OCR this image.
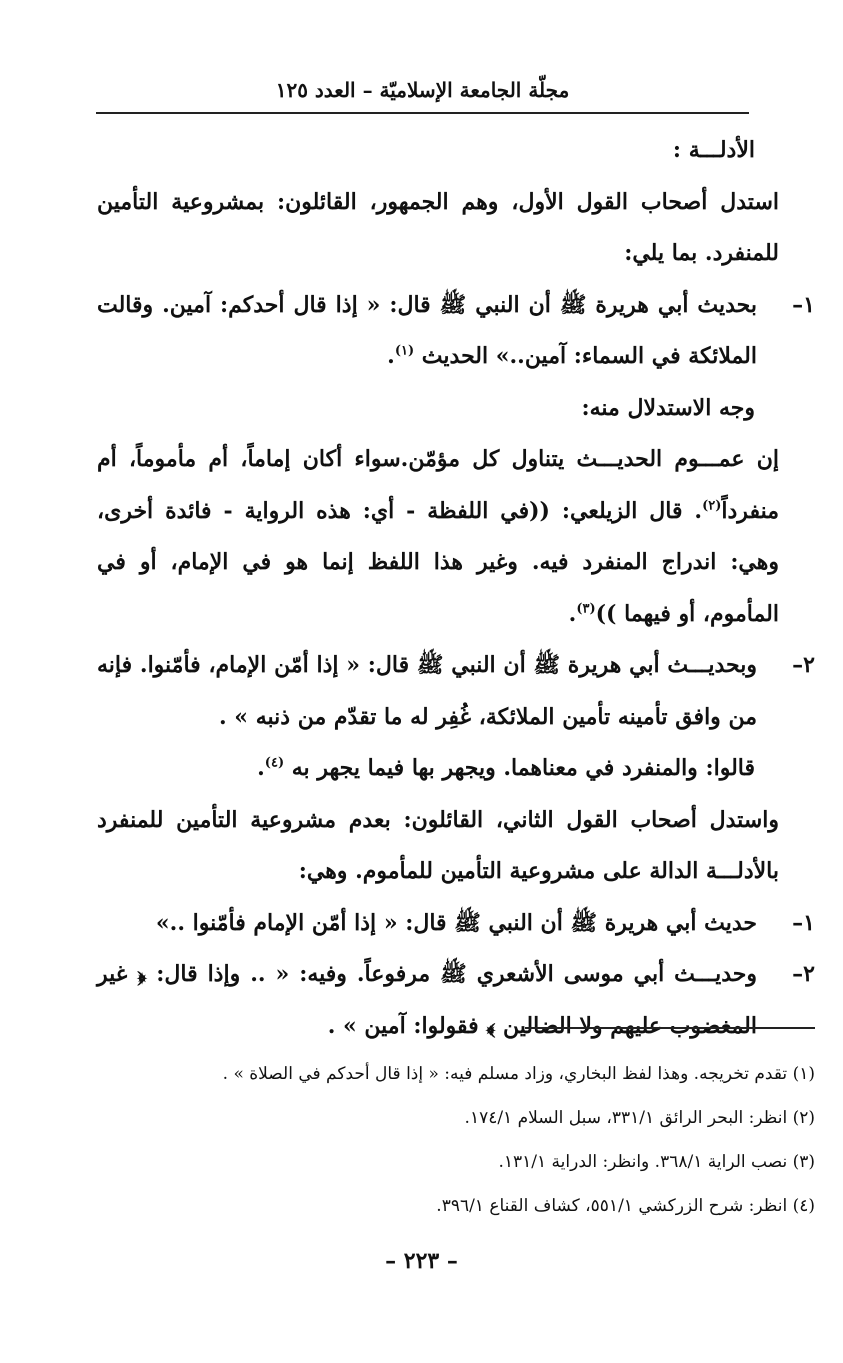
مجلّة الجامعة الإسلاميّة – العدد ١٢٥

الأدلـــة :

استدل أصحاب القول الأول، وهم الجمهور، القائلون: بمشروعية التأمين للمنفرد. بما يلي:

١–
بحديث أبي هريرة ﷺ أن النبي ﷺ قال: « إذا قال أحدكم: آمين. وقالت الملائكة في السماء: آمين..» الحديث $^{(١)}$.

وجه الاستدلال منه:

إن عمـــوم الحديـــث يتناول كل مؤمّن.سواء أكان إماماً، أم مأموماً، أم منفرداً$^{(٢)}$. قال الزيلعي: ((في اللفظة - أي: هذه الرواية - فائدة أخرى، وهي: اندراج المنفرد فيه. وغير هذا اللفظ إنما هو في الإمام، أو في المأموم، أو فيهما ))$^{(٣)}$.

٢–
وبحديـــث أبي هريرة ﷺ أن النبي ﷺ قال: « إذا أمّن الإمام، فأمّنوا. فإنه من وافق تأمينه تأمين الملائكة، غُفِر له ما تقدّم من ذنبه » .

قالوا: والمنفرد في معناهما. ويجهر بها فيما يجهر به $^{(٤)}$.

واستدل أصحاب القول الثاني، القائلون: بعدم مشروعية التأمين للمنفرد بالأدلـــة الدالة على مشروعية التأمين للمأموم. وهي:

١–
حديث أبي هريرة ﷺ أن النبي ﷺ قال: « إذا أمّن الإمام فأمّنوا ..»
٢–
وحديـــث أبي موسى الأشعري ﷺ مرفوعاً. وفيه: « .. وإذا قال: ﴿ غير المغضوب عليهم ولا الضالين ﴾ فقولوا: آمين » .

(١) تقدم تخريجه. وهذا لفظ البخاري، وزاد مسلم فيه: « إذا قال أحدكم في الصلاة » .

(٢) انظر: البحر الرائق ٣٣١/١، سبل السلام ١٧٤/١.

(٣) نصب الراية ٣٦٨/١. وانظر: الدراية ١٣١/١.

(٤) انظر: شرح الزركشي ٥٥١/١، كشاف القناع ٣٩٦/١.

– ٢٢٣ –
